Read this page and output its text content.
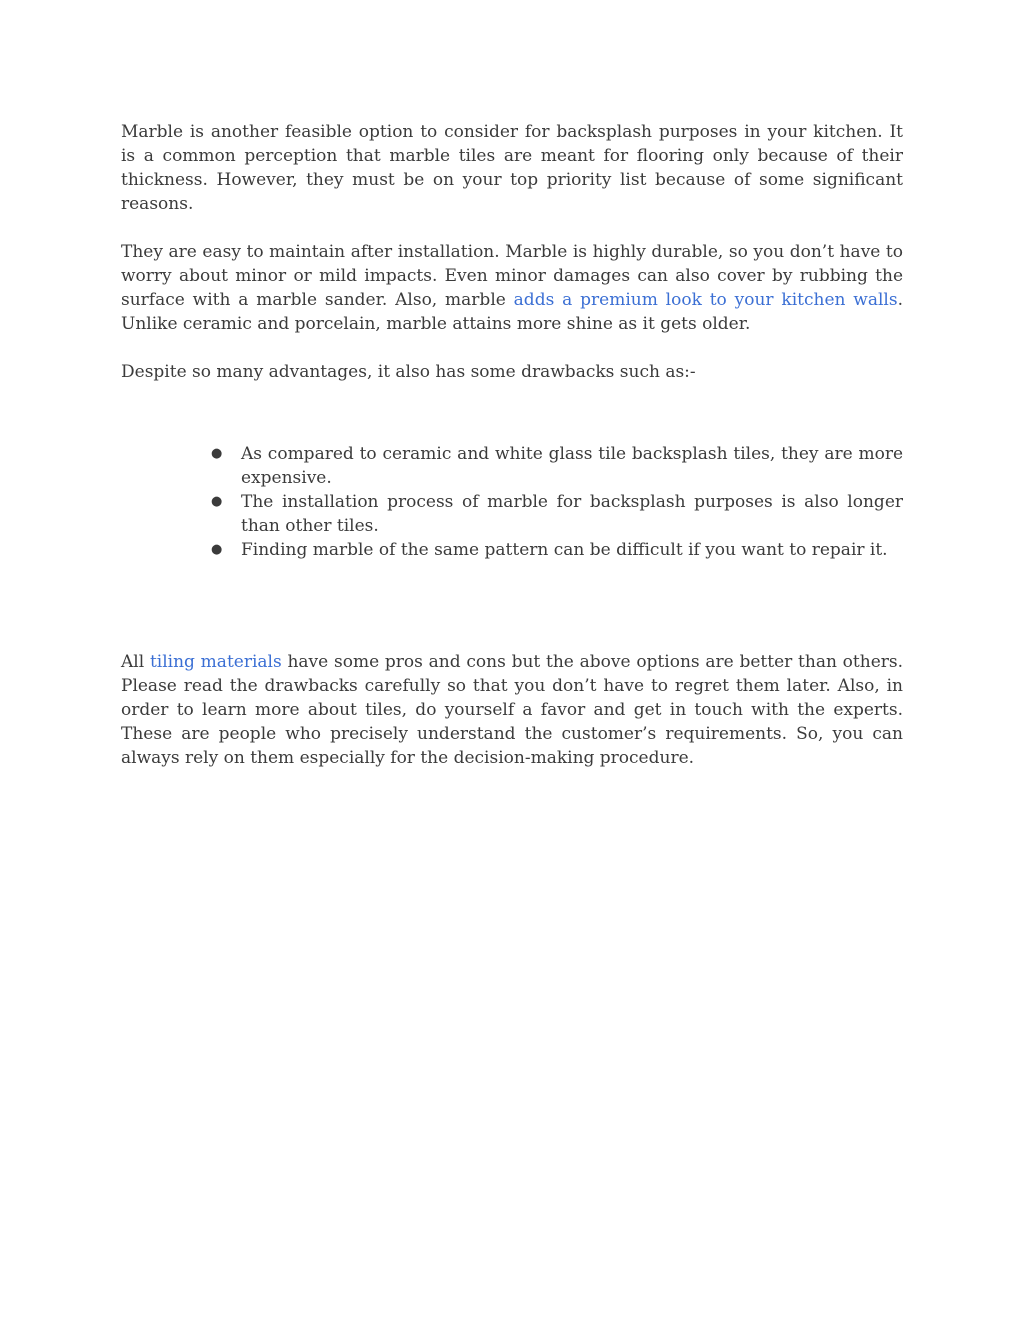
Marble is another feasible option to consider for backsplash purposes in your kitchen. It is a common perception that marble tiles are meant for flooring only because of their thickness. However, they must be on your top priority list because of some significant reasons.

They are easy to maintain after installation. Marble is highly durable, so you don’t have to worry about minor or mild impacts. Even minor damages can also cover by rubbing the surface with a marble sander. Also, marble adds a premium look to your kitchen walls. Unlike ceramic and porcelain, marble attains more shine as it gets older.

Despite so many advantages, it also has some drawbacks such as:-

● As compared to ceramic and white glass tile backsplash tiles, they are more expensive.
● The installation process of marble for backsplash purposes is also longer than other tiles.
● Finding marble of the same pattern can be difficult if you want to repair it.

All tiling materials have some pros and cons but the above options are better than others. Please read the drawbacks carefully so that you don’t have to regret them later. Also, in order to learn more about tiles, do yourself a favor and get in touch with the experts. These are people who precisely understand the customer’s requirements. So, you can always rely on them especially for the decision-making procedure.
